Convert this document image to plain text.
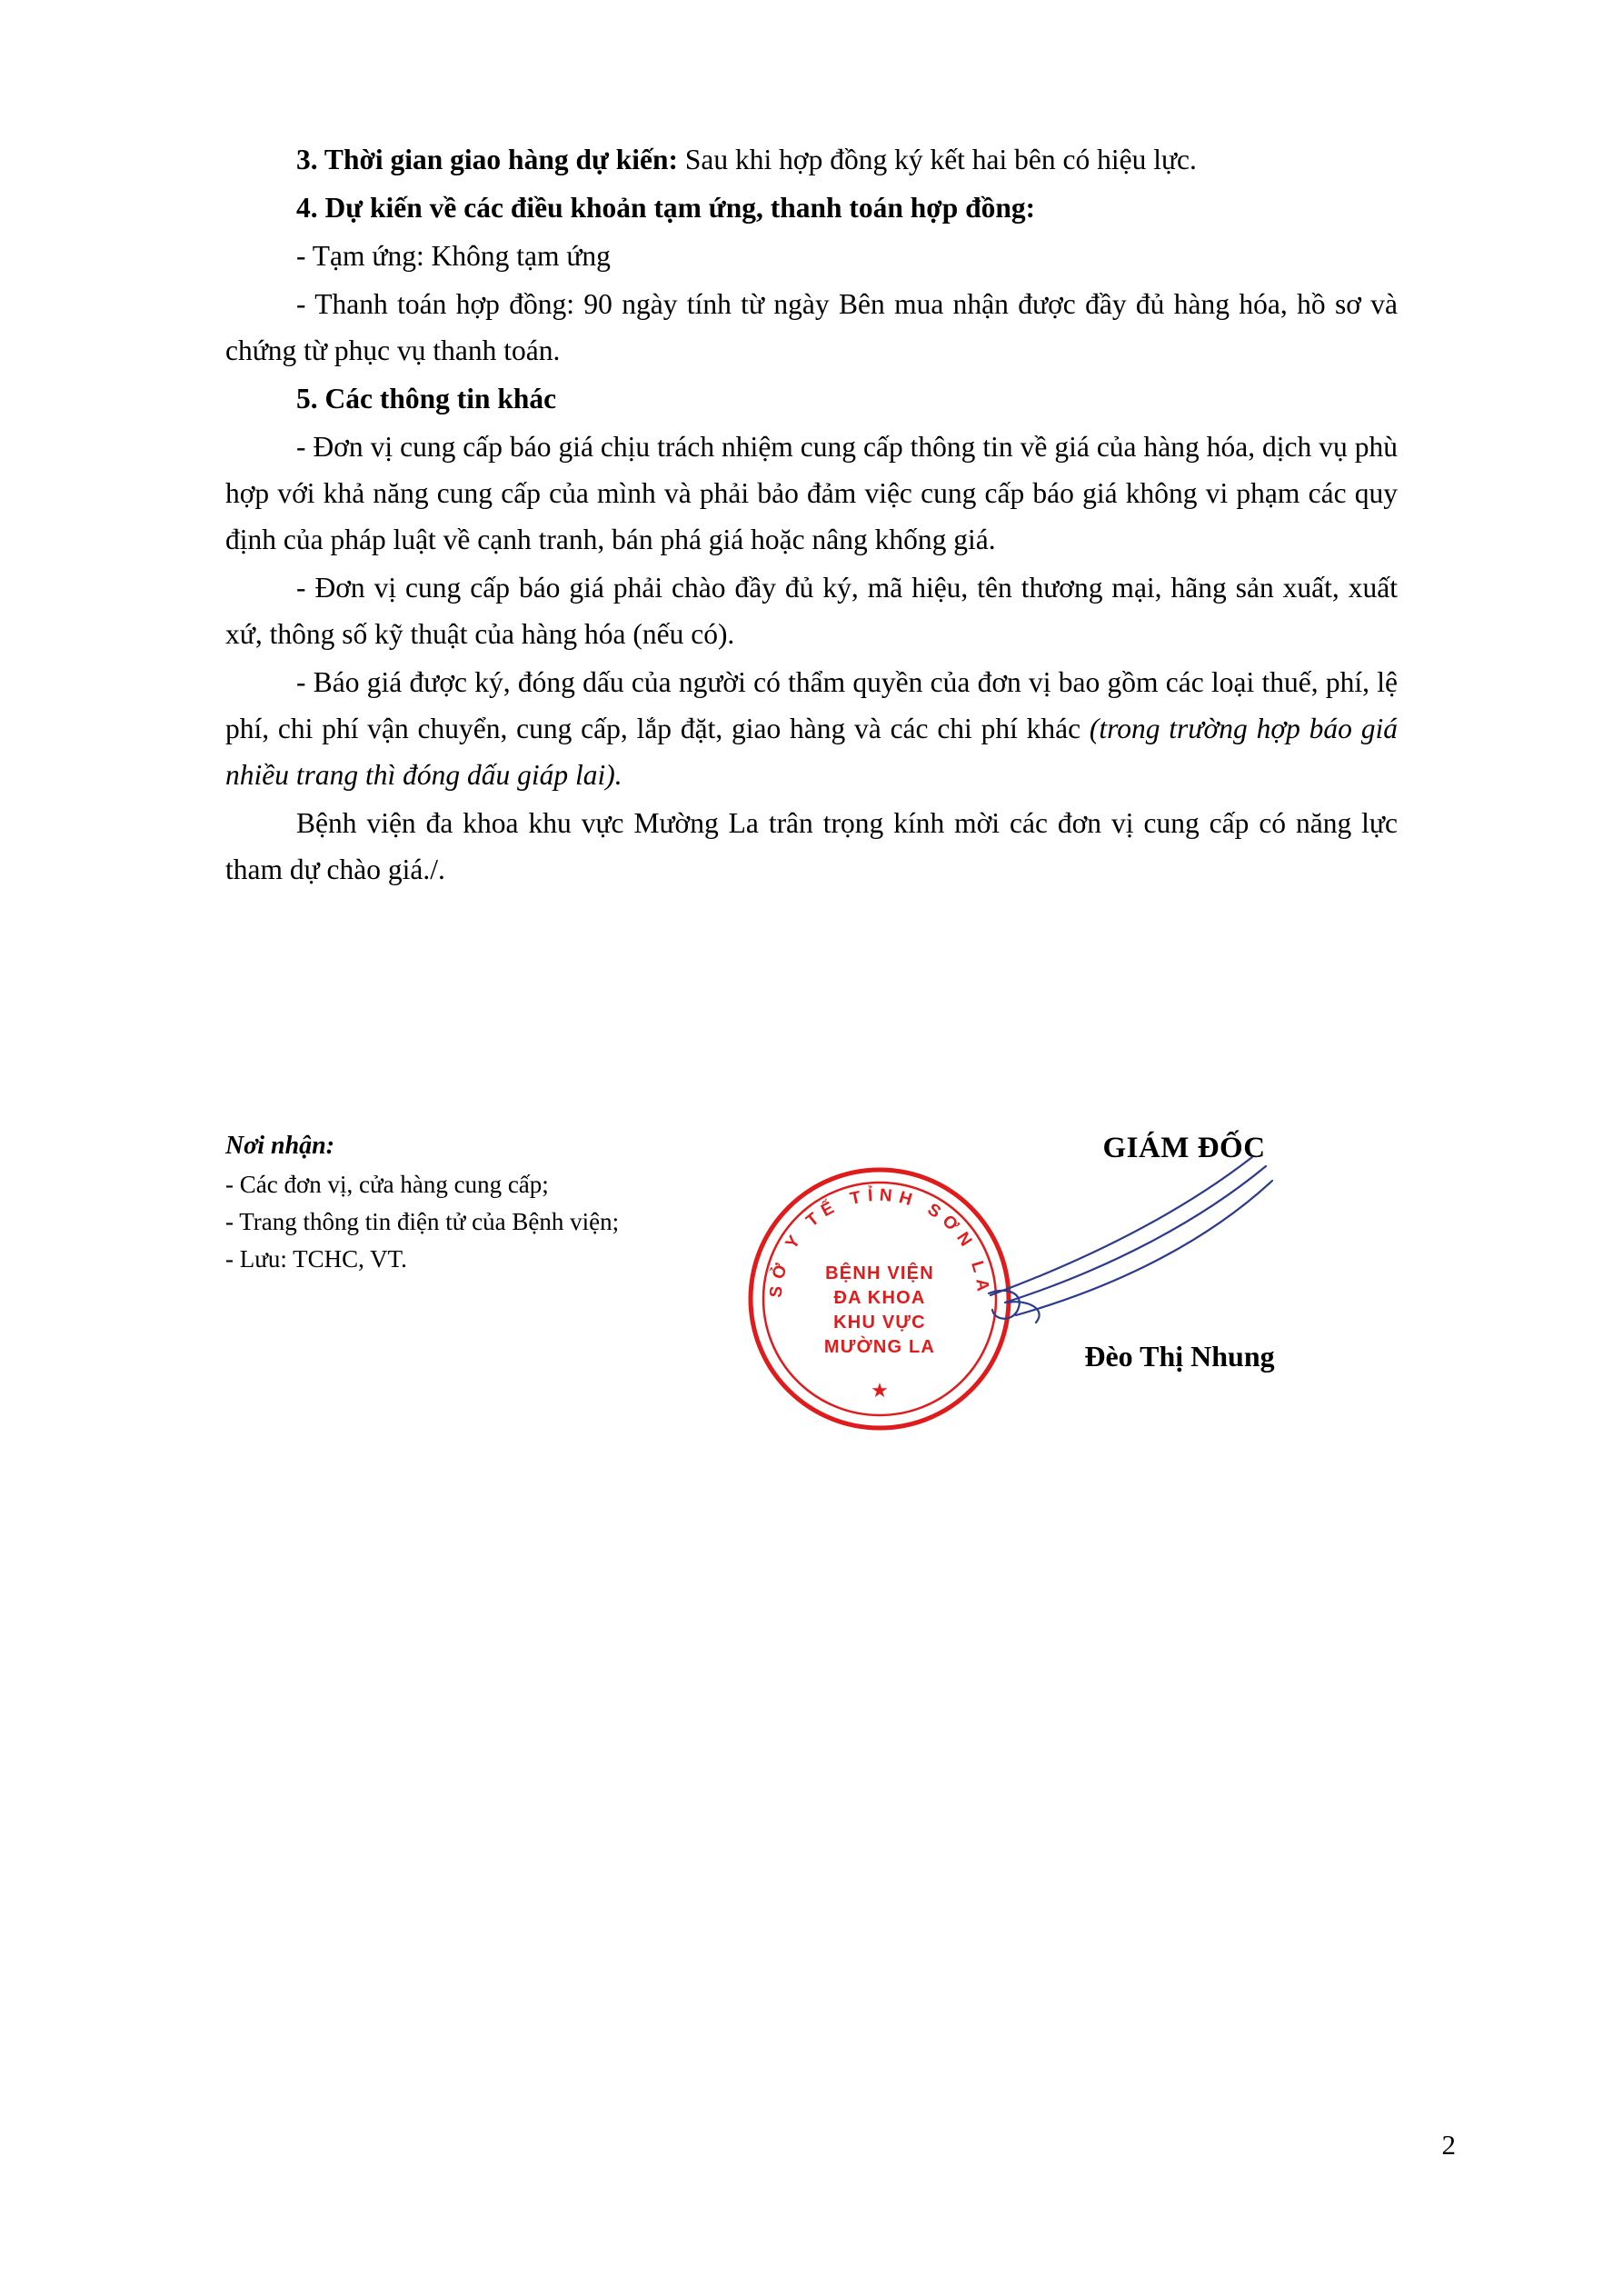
3. Thời gian giao hàng dự kiến: Sau khi hợp đồng ký kết hai bên có hiệu lực.

4. Dự kiến về các điều khoản tạm ứng, thanh toán hợp đồng:

- Tạm ứng: Không tạm ứng

- Thanh toán hợp đồng: 90 ngày tính từ ngày Bên mua nhận được đầy đủ hàng hóa, hồ sơ và chứng từ phục vụ thanh toán.

5. Các thông tin khác

- Đơn vị cung cấp báo giá chịu trách nhiệm cung cấp thông tin về giá của hàng hóa, dịch vụ phù hợp với khả năng cung cấp của mình và phải bảo đảm việc cung cấp báo giá không vi phạm các quy định của pháp luật về cạnh tranh, bán phá giá hoặc nâng khống giá.

- Đơn vị cung cấp báo giá phải chào đầy đủ ký, mã hiệu, tên thương mại, hãng sản xuất, xuất xứ, thông số kỹ thuật của hàng hóa (nếu có).

- Báo giá được ký, đóng dấu của người có thẩm quyền của đơn vị bao gồm các loại thuế, phí, lệ phí, chi phí vận chuyển, cung cấp, lắp đặt, giao hàng và các chi phí khác (trong trường hợp báo giá nhiều trang thì đóng dấu giáp lai).

Bệnh viện đa khoa khu vực Mường La trân trọng kính mời các đơn vị cung cấp có năng lực tham dự chào giá./.

Nơi nhận:
- Các đơn vị, cửa hàng cung cấp;
- Trang thông tin điện tử của Bệnh viện;
- Lưu: TCHC, VT.
GIÁM ĐỐC
Đèo Thị Nhung
SỞ Y TẾ TỈNH SƠN LA
BỆNH VIỆN
ĐA KHOA
KHU VỰC
MƯỜNG LA
★
2
